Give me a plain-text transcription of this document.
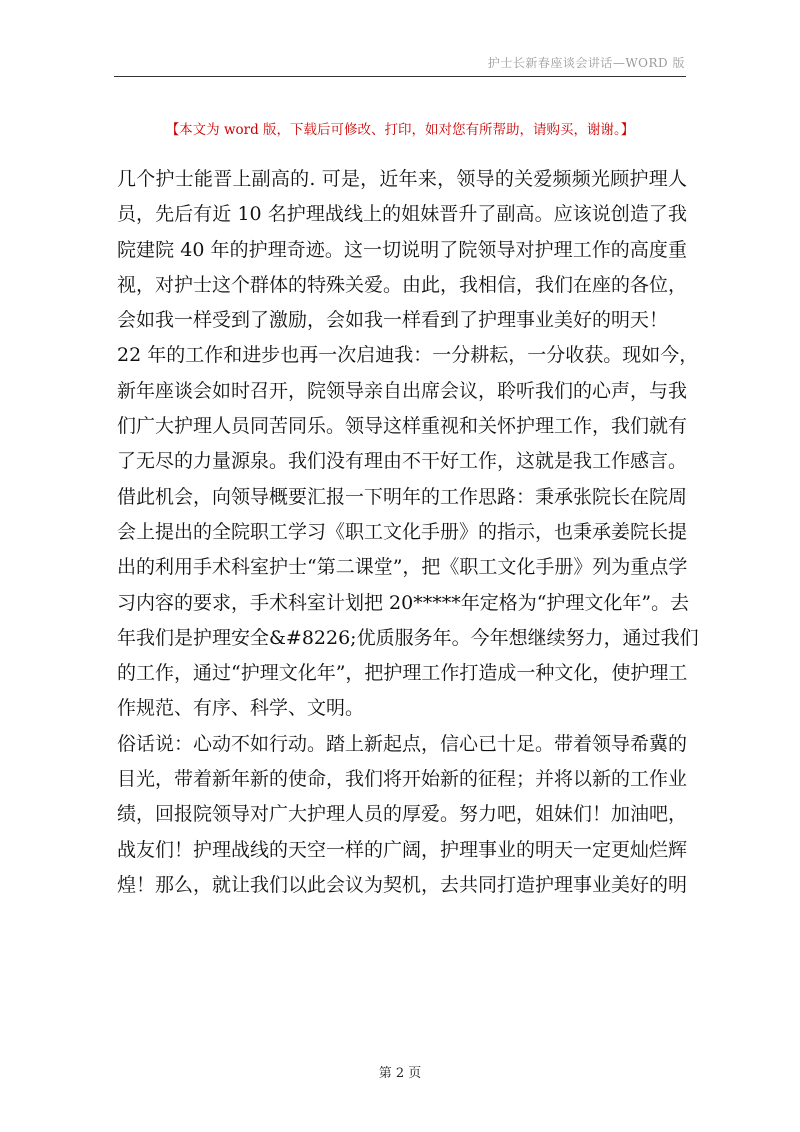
护士长新春座谈会讲话—WORD 版
【本文为 word 版，下载后可修改、打印，如对您有所帮助，请购买，谢谢。】
几个护士能晋上副高的. 可是，近年来，领导的关爱频频光顾护理人
员，先后有近 10 名护理战线上的姐妹晋升了副高。应该说创造了我
院建院 40 年的护理奇迹。这一切说明了院领导对护理工作的高度重
视，对护士这个群体的特殊关爱。由此，我相信，我们在座的各位，
会如我一样受到了激励，会如我一样看到了护理事业美好的明天！
22 年的工作和进步也再一次启迪我：一分耕耘，一分收获。现如今，
新年座谈会如时召开，院领导亲自出席会议，聆听我们的心声，与我
们广大护理人员同苦同乐。领导这样重视和关怀护理工作，我们就有
了无尽的力量源泉。我们没有理由不干好工作，这就是我工作感言。
借此机会，向领导概要汇报一下明年的工作思路：秉承张院长在院周
会上提出的全院职工学习《职工文化手册》的指示，也秉承姜院长提
出的利用手术科室护士“第二课堂”，把《职工文化手册》列为重点学
习内容的要求，手术科室计划把 20*****年定格为“护理文化年”。去
年我们是护理安全&#8226;优质服务年。今年想继续努力，通过我们
的工作，通过“护理文化年”，把护理工作打造成一种文化，使护理工
作规范、有序、科学、文明。
俗话说：心动不如行动。踏上新起点，信心已十足。带着领导希冀的
目光，带着新年新的使命，我们将开始新的征程；并将以新的工作业
绩，回报院领导对广大护理人员的厚爱。努力吧，姐妹们！加油吧，
战友们！护理战线的天空一样的广阔，护理事业的明天一定更灿烂辉
煌！那么，就让我们以此会议为契机，去共同打造护理事业美好的明
第 2 页
